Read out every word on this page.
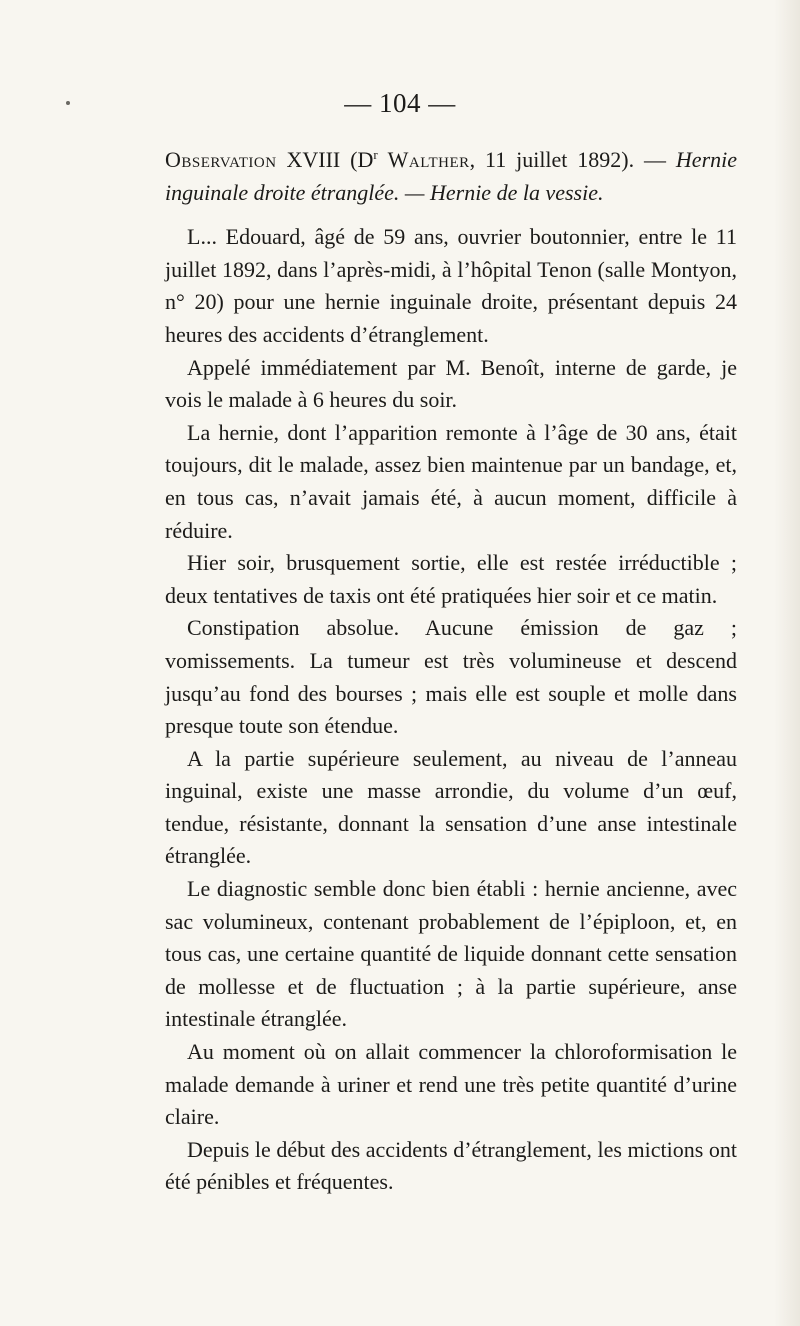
— 104 —

Observation XVIII ($D^r$ Walther, 11 juillet 1892). — Hernie inguinale droite étranglée. — Hernie de la vessie.

L... Edouard, âgé de 59 ans, ouvrier boutonnier, entre le 11 juillet 1892, dans l’après-midi, à l’hôpital Tenon (salle Montyon, n° 20) pour une hernie inguinale droite, présentant depuis 24 heures des accidents d’étranglement.

Appelé immédiatement par M. Benoît, interne de garde, je vois le malade à 6 heures du soir.

La hernie, dont l’apparition remonte à l’âge de 30 ans, était toujours, dit le malade, assez bien maintenue par un bandage, et, en tous cas, n’avait jamais été, à aucun moment, difficile à réduire.

Hier soir, brusquement sortie, elle est restée irréductible ; deux tentatives de taxis ont été pratiquées hier soir et ce matin.

Constipation absolue. Aucune émission de gaz ; vomissements. La tumeur est très volumineuse et descend jusqu’au fond des bourses ; mais elle est souple et molle dans presque toute son étendue.

A la partie supérieure seulement, au niveau de l’anneau inguinal, existe une masse arrondie, du volume d’un œuf, tendue, résistante, donnant la sensation d’une anse intestinale étranglée.

Le diagnostic semble donc bien établi : hernie ancienne, avec sac volumineux, contenant probablement de l’épiploon, et, en tous cas, une certaine quantité de liquide donnant cette sensation de mollesse et de fluctuation ; à la partie supérieure, anse intestinale étranglée.

Au moment où on allait commencer la chloroformisation le malade demande à uriner et rend une très petite quantité d’urine claire.

Depuis le début des accidents d’étranglement, les mictions ont été pénibles et fréquentes.
